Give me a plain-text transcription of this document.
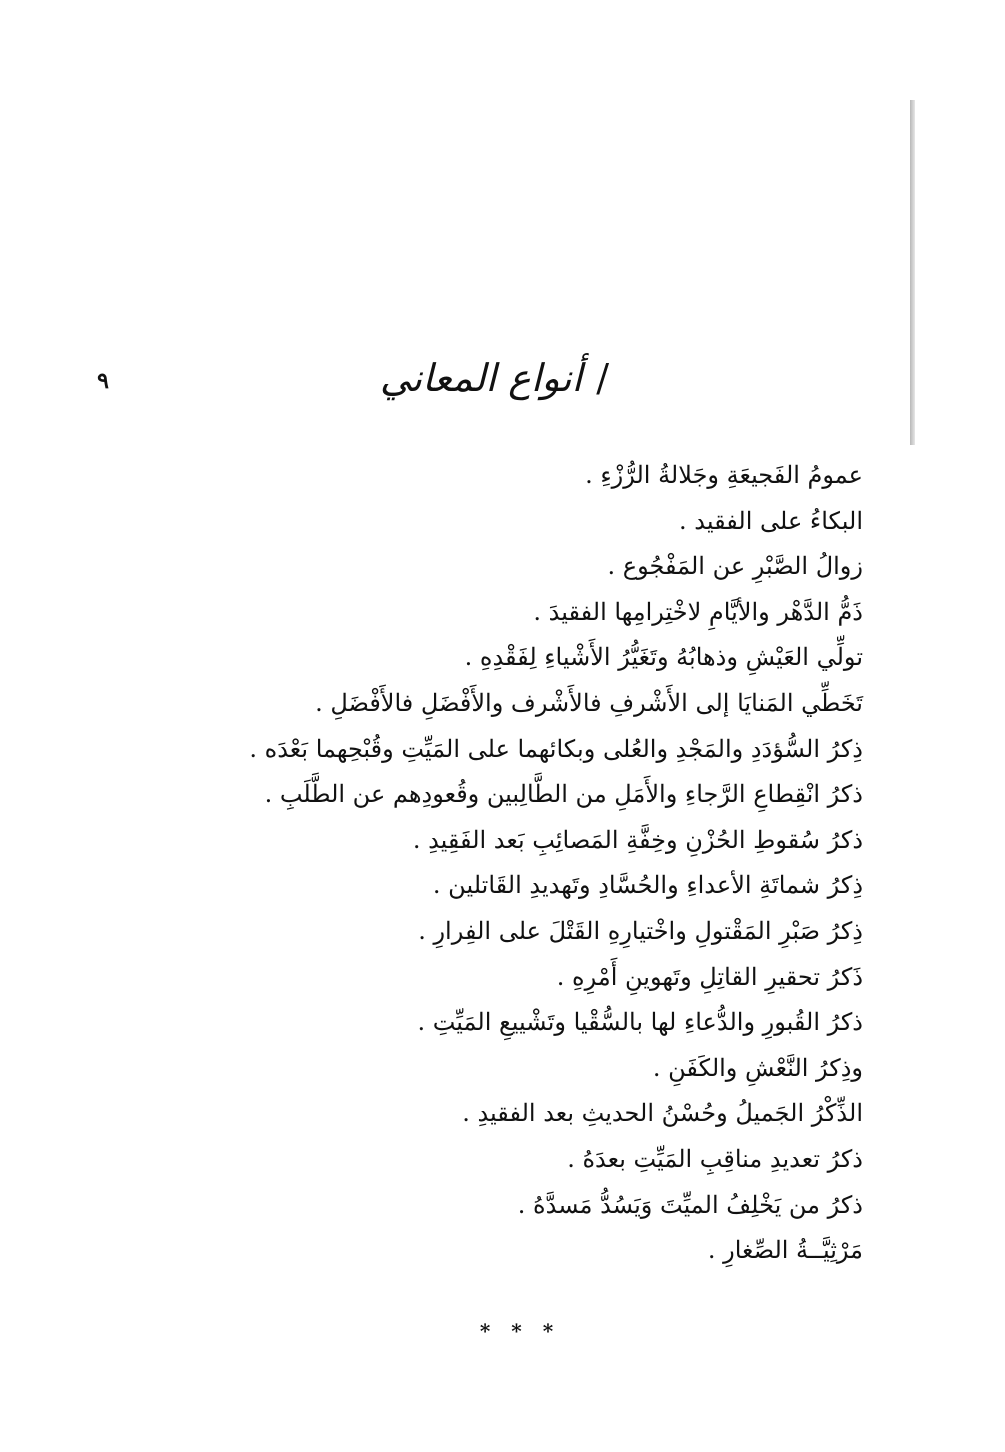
٩	/أنواع المعاني
عمومُ الفَجيعَةِ وجَلالةُ الرُّزْءِ .
البكاءُ على الفقيد .
زوالُ الصَّبْرِ عن المَفْجُوع .
ذَمُّ الدَّهْر والأيَّامِ لاخْتِرامِها الفقيدَ .
تولِّي العَيْشِ وذهابُهُ وتَغَيُّرُ الأَشْياءِ لِفَقْدِهِ .
تَخَطِّي المَنايَا إلى الأَشْرفِ فالأَشْرف والأَفْضَلِ فالأَفْضَلِ .
ذِكرُ السُّؤدَدِ والمَجْدِ والعُلى وبكائهما على المَيِّتِ وقُبْحِهما بَعْدَه .
ذكرُ انْقِطاعِ الرَّجاءِ والأَمَلِ من الطَّالِبين وقُعودِهم عن الطَّلَبِ .
ذكرُ سُقوطِ الحُزْنِ وخِفَّةِ المَصائِبِ بَعد الفَقِيدِ .
ذِكرُ شماتَةِ الأعداءِ والحُسَّادِ وتَهديدِ القَاتلين .
ذِكرُ صَبْرِ المَقْتولِ واخْتيارِهِ القَتْلَ على الفِرارِ .
ذَكرُ تحقيرِ القاتِلِ وتَهوينِ أَمْرِهِ .
ذكرُ القُبورِ والدُّعاءِ لها بالسُّقْيا وتَشْييعِ المَيِّتِ .
وذِكرُ النَّعْشِ والكَفَنِ .
الذِّكْرُ الجَميلُ وحُسْنُ الحديثِ بعد الفقيدِ .
ذكرُ تعديدِ مناقِبِ المَيِّتِ بعدَهُ .
ذكرُ من يَخْلِفُ الميِّتَ وَيَسُدُّ مَسدَّهُ .
مَرْثِيَّــةُ الصِّغارِ .
* * *
